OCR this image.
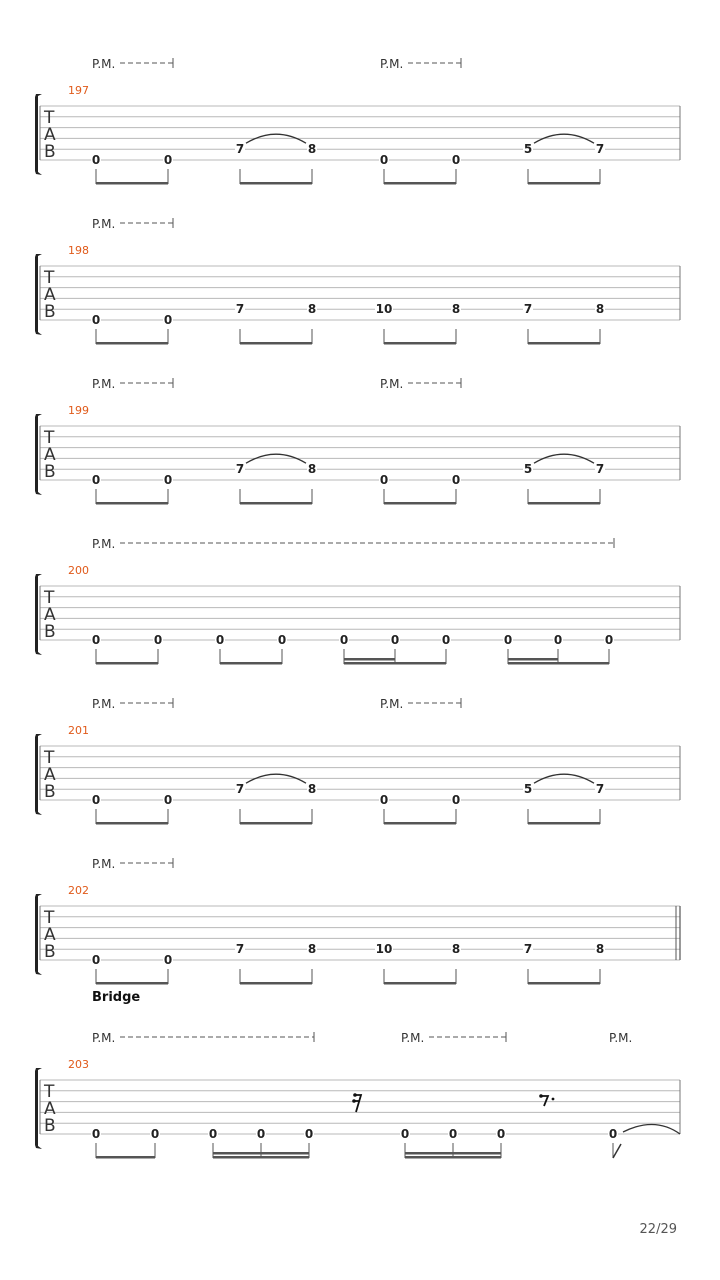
P.M.	P.M.
197
T
A
B	0	0
7	8
0	0
5	7
P.M.
198
T
A
B	0	0
7	8	10	8	7	8
P.M.	P.M.
199
T
A
B	0	0
7	8
0	0
5	7
P.M.
200
T
A
B	0	0	0	0	0	0	0	0	0	0
P.M.	P.M.
201
T
A
B	0	0
7	8
0	0
5	7
P.M.
202
T
A
B	0	0
7	8	10	8	7	8
Bridge
P.M.	P.M.	P.M.
203
T
A
B	0	0	0	0	0	0	0	0	0
22/29
